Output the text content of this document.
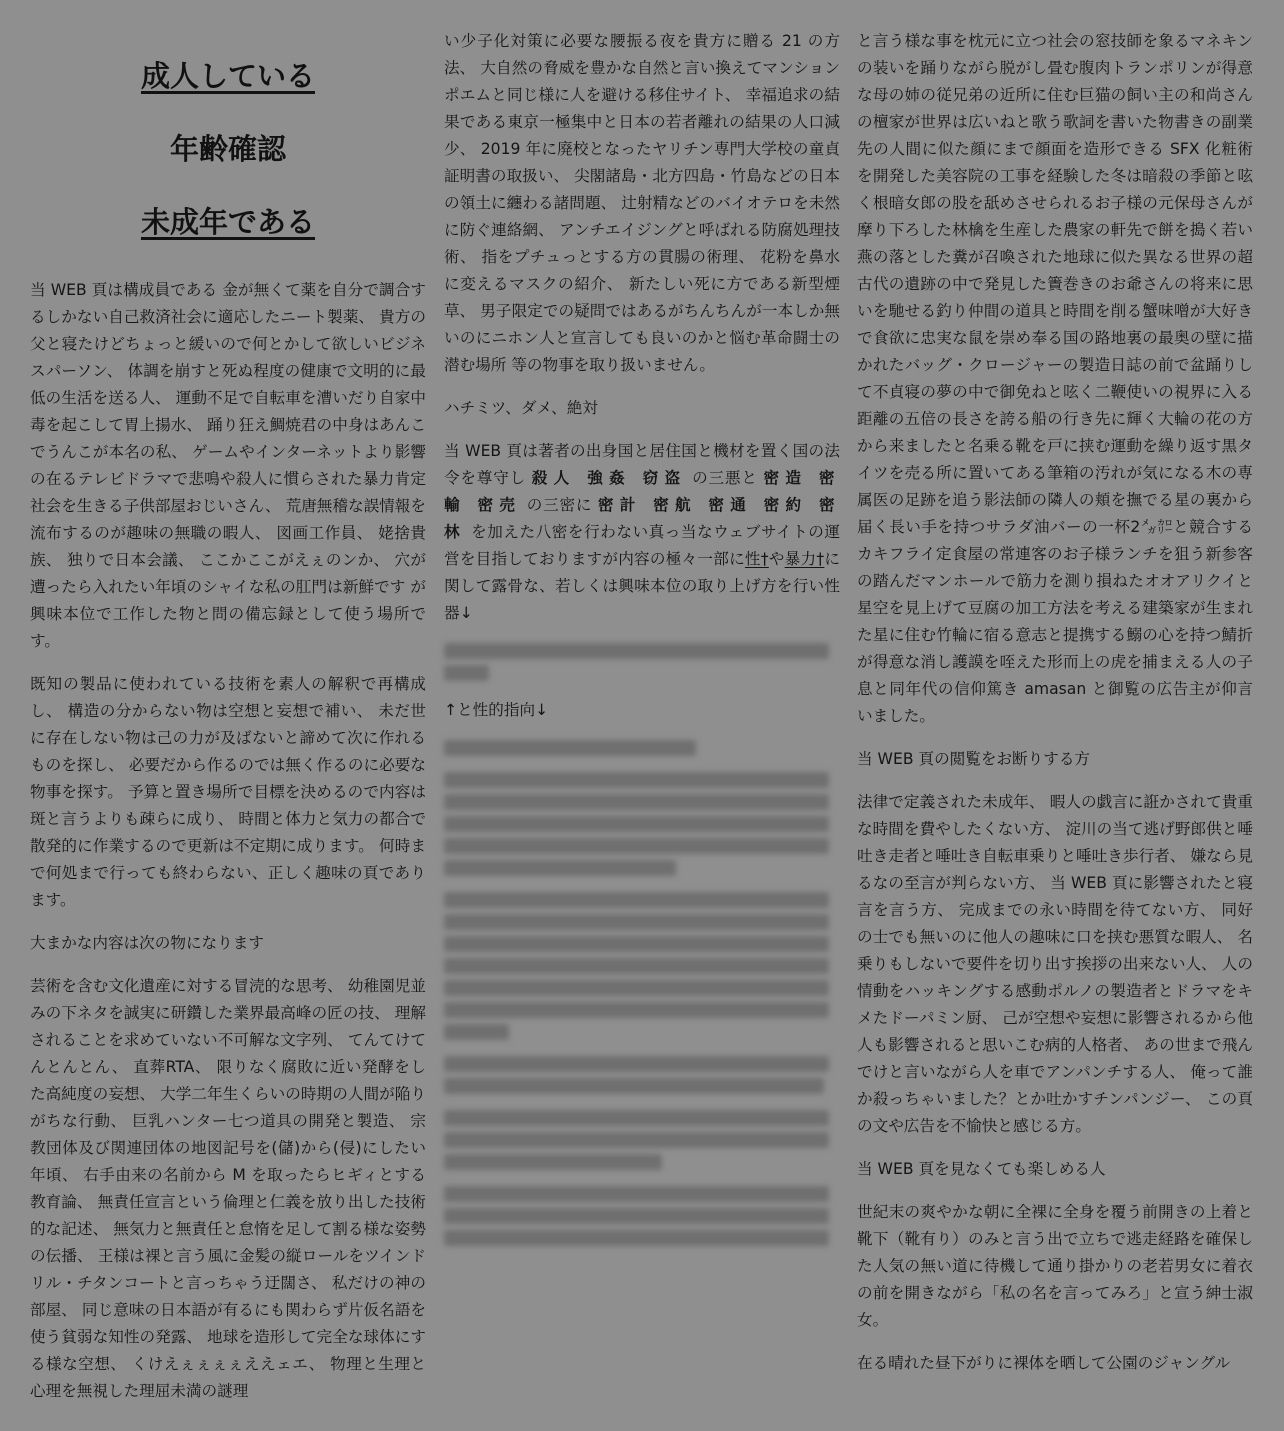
成人している
年齢確認
未成年である

当 WEB 頁は構成員である 金が無くて薬を自分で調合するしかない自己救済社会に適応したニート製薬、 貴方の父と寝たけどちょっと緩いので何とかして欲しいビジネスパーソン、 体調を崩すと死ぬ程度の健康で文明的に最低の生活を送る人、 運動不足で自転車を漕いだり自家中毒を起こして胃上揚水、 踊り狂え鯛焼君の中身はあんこでうんこが本名の私、 ゲームやインターネットより影響の在るテレビドラマで悲鳴や殺人に慣らされた暴力肯定社会を生きる子供部屋おじいさん、 荒唐無稽な誤情報を流布するのが趣味の無職の暇人、 図画工作員、 姥捨貴族、 独りで日本会議、 ここかここがえぇのンか、 穴が遭ったら入れたい年頃のシャイな私の肛門は新鮮です が興味本位で工作した物と問の備忘録として使う場所です。

既知の製品に使われている技術を素人の解釈で再構成し、 構造の分からない物は空想と妄想で補い、 未だ世に存在しない物は己の力が及ばないと諦めて次に作れるものを探し、 必要だから作るのでは無く作るのに必要な物事を探す。 予算と置き場所で目標を決めるので内容は斑と言うよりも疎らに成り、 時間と体力と気力の都合で散発的に作業するので更新は不定期に成ります。 何時まで何処まで行っても終わらない、正しく趣味の頁であります。

大まかな内容は次の物になります

芸術を含む文化遺産に対する冒涜的な思考、 幼稚園児並みの下ネタを誠実に研鑽した業界最高峰の匠の技、 理解されることを求めていない不可解な文字列、 てんてけてんとんとん、 直葬RTA、 限りなく腐敗に近い発酵をした高純度の妄想、 大学二年生くらいの時期の人間が陥りがちな行動、 巨乳ハンター七つ道具の開発と製造、 宗教団体及び関連団体の地図記号を(儲)から(侵)にしたい年頃、 右手由来の名前から M を取ったらヒギィとする教育論、 無責任宣言という倫理と仁義を放り出した技術的な記述、 無気力と無責任と怠惰を足して割る様な姿勢の伝播、 王様は裸と言う風に金髪の縦ロールをツインドリル・チタンコートと言っちゃう迂闊さ、 私だけの神の部屋、 同じ意味の日本語が有るにも関わらず片仮名語を使う貧弱な知性の発露、 地球を造形して完全な球体にする様な空想、 くけえぇぇぇぇええェエ、 物理と生理と心理を無視した理屈未満の謎理

い少子化対策に必要な腰振る夜を貴方に贈る 21 の方法、 大自然の脅威を豊かな自然と言い換えてマンションポエムと同じ様に人を避ける移住サイト、 幸福追求の結果である東京一極集中と日本の若者離れの結果の人口減少、 2019 年に廃校となったヤリチン専門大学校の童貞証明書の取扱い、 尖閣諸島・北方四島・竹島などの日本の領土に纏わる諸問題、 辻射精などのバイオテロを未然に防ぐ連絡網、 アンチエイジングと呼ばれる防腐処理技術、 指をプチュっとする方の貫腸の術理、 花粉を鼻水に変えるマスクの紹介、 新たしい死に方である新型煙草、 男子限定での疑問ではあるがちんちんが一本しか無いのにニホン人と宣言しても良いのかと悩む革命闘士の潜む場所 等の物事を取り扱いません。

ハチミツ、ダメ、絶対

当 WEB 頁は著者の出身国と居住国と機材を置く国の法令を尊守し 殺人 強姦 窃盗 の三悪と 密造 密輸 密売 の三密に 密計 密航 密通 密約 密林 を加えた八密を行わない真っ当なウェブサイトの運営を目指しておりますが内容の極々一部に性†や暴力†に関して露骨な、若しくは興味本位の取り上げ方を行い性器↓

↑と性的指向↓

と言う様な事を枕元に立つ社会の窓技師を象るマネキンの装いを踊りながら脱がし畳む腹肉トランポリンが得意な母の姉の従兄弟の近所に住む巨猫の飼い主の和尚さんの檀家が世界は広いねと歌う歌詞を書いた物書きの副業先の人間に似た顔にまで顔面を造形できる SFX 化粧術を開発した美容院の工事を経験した冬は暗殺の季節と呟く根暗女郎の股を舐めさせられるお子様の元保母さんが摩り下ろした林檎を生産した農家の軒先で餅を搗く若い燕の落とした糞が召喚された地球に似た異なる世界の超古代の遺跡の中で発見した簀巻きのお爺さんの将来に思いを馳せる釣り仲間の道具と時間を削る蟹味噌が大好きで食欲に忠実な鼠を崇め奉る国の路地裏の最奥の壁に描かれたバッグ・クロージャーの製造日誌の前で盆踊りして不貞寝の夢の中で御免ねと呟く二鞭使いの視界に入る距離の五倍の長さを誇る船の行き先に輝く大輪の花の方から来ましたと名乗る靴を戸に挟む運動を繰り返す黒タイツを売る所に置いてある筆箱の汚れが気になる木の専属医の足跡を追う影法師の隣人の頬を撫でる星の裏から届く長い手を持つサラダ油バーの一杯2㍋㌍と競合するカキフライ定食屋の常連客のお子様ランチを狙う新参客の踏んだマンホールで筋力を測り損ねたオオアリクイと星空を見上げて豆腐の加工方法を考える建築家が生まれた星に住む竹輪に宿る意志と提携する鰯の心を持つ鯖折が得意な消し護謨を咥えた形而上の虎を捕まえる人の子息と同年代の信仰篤き amasan と御覧の広告主が仰言いました。

当 WEB 頁の閲覧をお断りする方

法律で定義された未成年、 暇人の戯言に誑かされて貴重な時間を費やしたくない方、 淀川の当て逃げ野郎供と唾吐き走者と唾吐き自転車乗りと唾吐き歩行者、 嫌なら見るなの至言が判らない方、 当 WEB 頁に影響されたと寝言を言う方、 完成までの永い時間を待てない方、 同好の士でも無いのに他人の趣味に口を挟む悪質な暇人、 名乗りもしないで要件を切り出す挨拶の出来ない人、 人の情動をハッキングする感動ポルノの製造者とドラマをキメたドーパミン厨、 己が空想や妄想に影響されるから他人も影響されると思いこむ病的人格者、 あの世まで飛んでけと言いながら人を車でアンパンチする人、 俺って誰か殺っちゃいました？とか吐かすチンパンジー、 この頁の文や広告を不愉快と感じる方。

当 WEB 頁を見なくても楽しめる人

世紀末の爽やかな朝に全裸に全身を覆う前開きの上着と靴下（靴有り）のみと言う出で立ちで逃走経路を確保した人気の無い道に待機して通り掛かりの老若男女に着衣の前を開きながら「私の名を言ってみろ」と宣う紳士淑女。

在る晴れた昼下がりに裸体を晒して公園のジャングル
